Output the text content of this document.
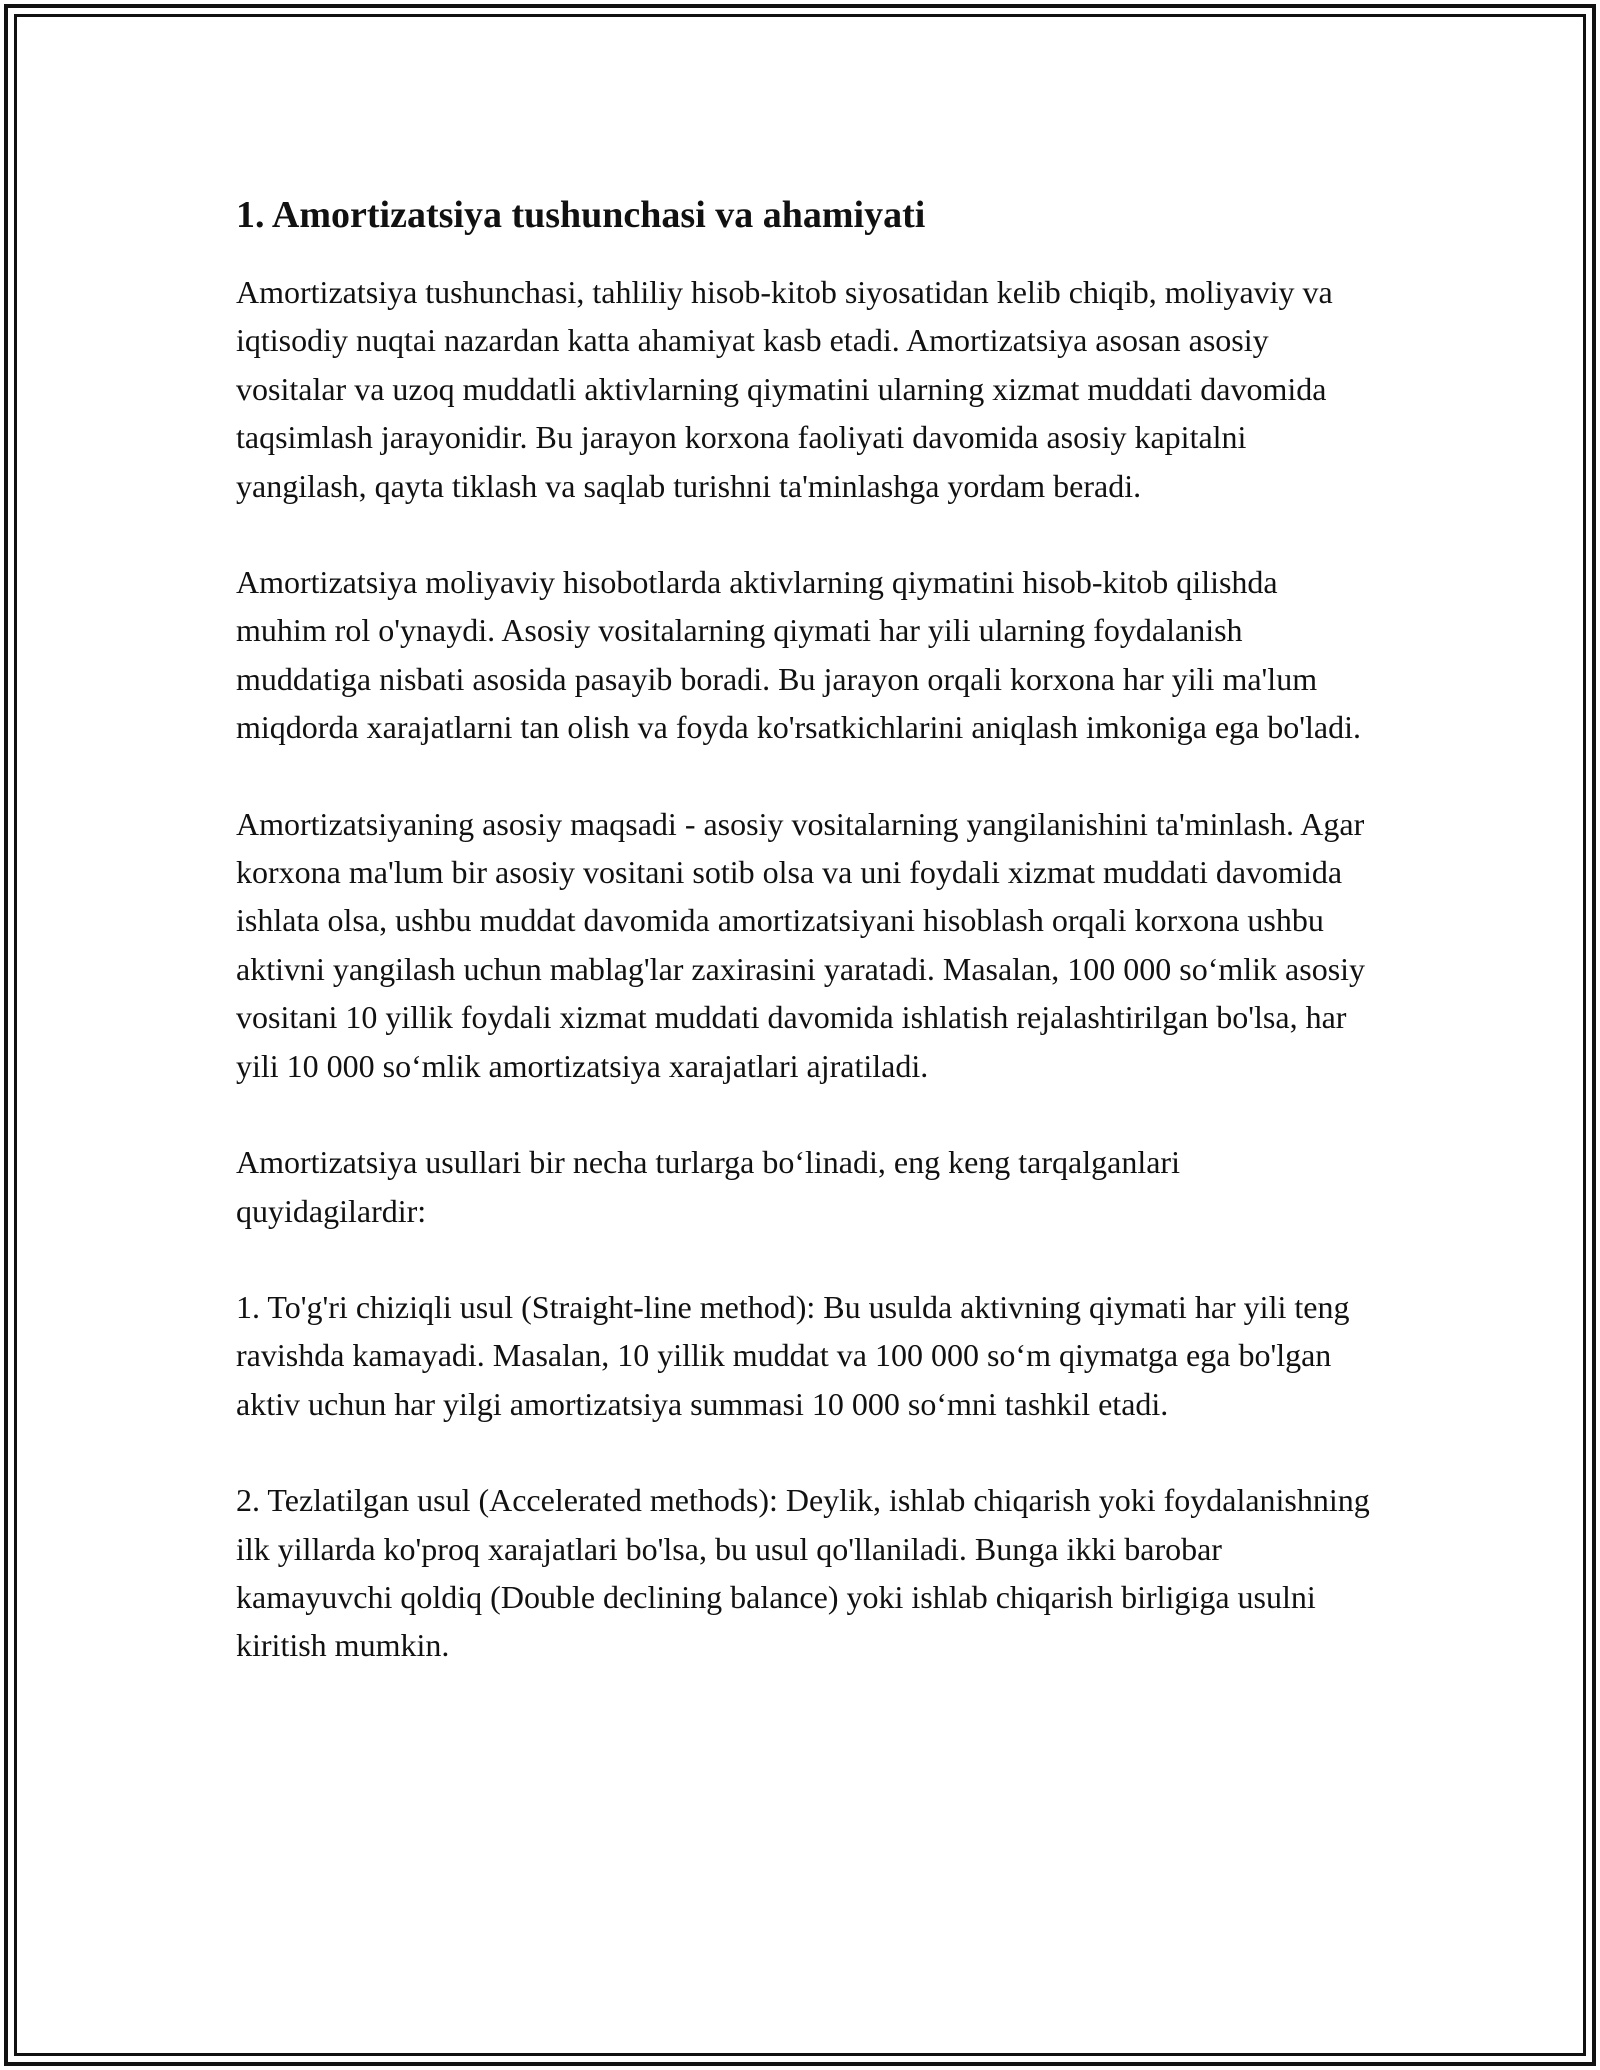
1. Amortizatsiya tushunchasi va ahamiyati

Amortizatsiya tushunchasi, tahliliy hisob-kitob siyosatidan kelib chiqib, moliyaviy va iqtisodiy nuqtai nazardan katta ahamiyat kasb etadi. Amortizatsiya asosan asosiy vositalar va uzoq muddatli aktivlarning qiymatini ularning xizmat muddati davomida taqsimlash jarayonidir. Bu jarayon korxona faoliyati davomida asosiy kapitalni yangilash, qayta tiklash va saqlab turishni ta'minlashga yordam beradi.

Amortizatsiya moliyaviy hisobotlarda aktivlarning qiymatini hisob-kitob qilishda muhim rol o'ynaydi. Asosiy vositalarning qiymati har yili ularning foydalanish muddatiga nisbati asosida pasayib boradi. Bu jarayon orqali korxona har yili ma'lum miqdorda xarajatlarni tan olish va foyda ko'rsatkichlarini aniqlash imkoniga ega bo'ladi.

Amortizatsiyaning asosiy maqsadi - asosiy vositalarning yangilanishini ta'minlash. Agar korxona ma'lum bir asosiy vositani sotib olsa va uni foydali xizmat muddati davomida ishlata olsa, ushbu muddat davomida amortizatsiyani hisoblash orqali korxona ushbu aktivni yangilash uchun mablag'lar zaxirasini yaratadi. Masalan, 100 000 so‘mlik asosiy vositani 10 yillik foydali xizmat muddati davomida ishlatish rejalashtirilgan bo'lsa, har yili 10 000 so‘mlik amortizatsiya xarajatlari ajratiladi.

Amortizatsiya usullari bir necha turlarga bo‘linadi, eng keng tarqalganlari quyidagilardir:

1. To'g'ri chiziqli usul (Straight-line method): Bu usulda aktivning qiymati har yili teng ravishda kamayadi. Masalan, 10 yillik muddat va 100 000 so‘m qiymatga ega bo'lgan aktiv uchun har yilgi amortizatsiya summasi 10 000 so‘mni tashkil etadi.

2. Tezlatilgan usul (Accelerated methods): Deylik, ishlab chiqarish yoki foydalanishning ilk yillarda ko'proq xarajatlari bo'lsa, bu usul qo'llaniladi. Bunga ikki barobar kamayuvchi qoldiq (Double declining balance) yoki ishlab chiqarish birligiga usulni kiritish mumkin.
